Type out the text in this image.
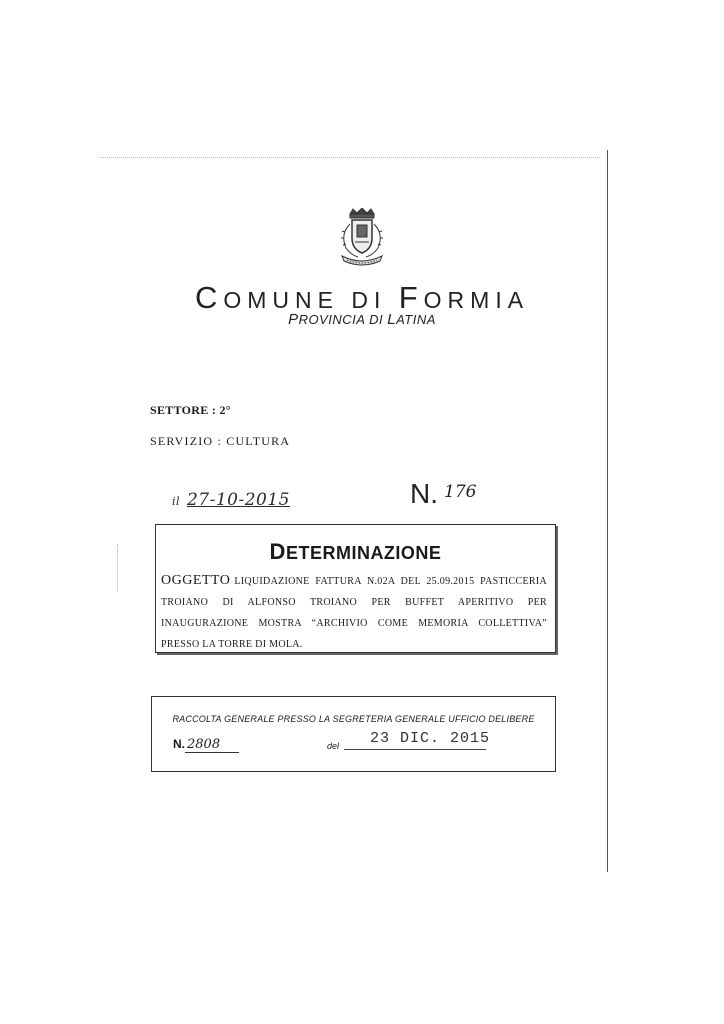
COMUNE DI FORMIA
PROVINCIA DI LATINA
SETTORE : 2°
SERVIZIO : CULTURA
il 27-10-2015	N. $^{176}$
DETERMINAZIONE
OGGETTO LIQUIDAZIONE FATTURA N.02A DEL 25.09.2015 PASTICCERIA TROIANO DI ALFONSO TROIANO PER BUFFET APERITIVO PER INAUGURAZIONE MOSTRA “ARCHIVIO COME MEMORIA COLLETTIVA” PRESSO LA TORRE DI MOLA.
RACCOLTA GENERALE PRESSO LA SEGRETERIA GENERALE UFFICIO DELIBERE
N. 2808	del 23 DIC. 2015
